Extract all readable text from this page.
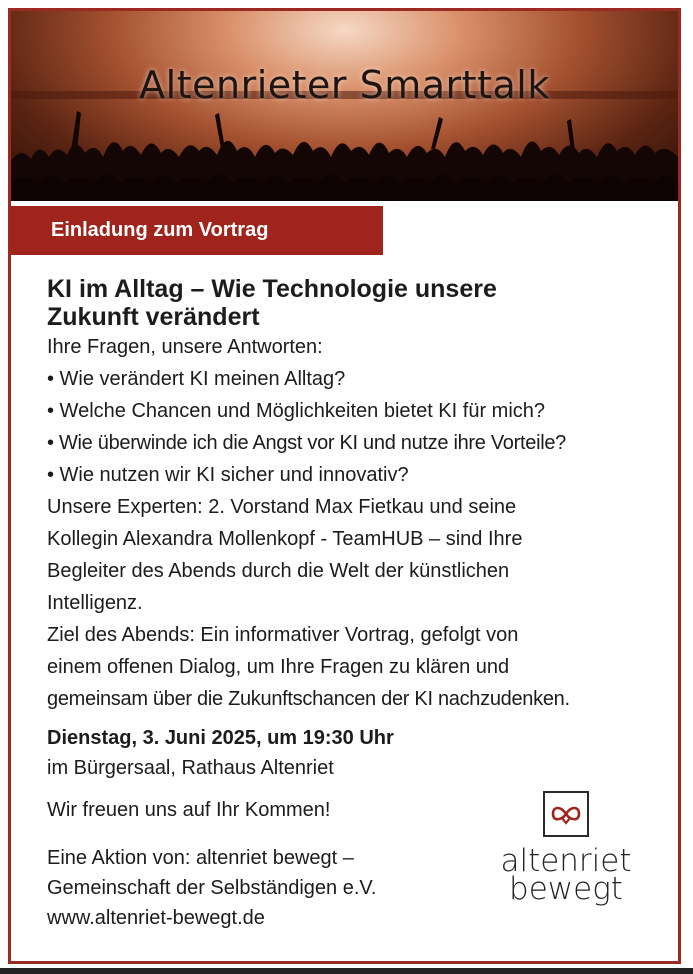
Altenrieter Smarttalk
Einladung zum Vortrag

KI im Alltag – Wie Technologie unsere
Zukunft verändert

Ihre Fragen, unsere Antworten:

• Wie verändert KI meinen Alltag?

• Welche Chancen und Möglichkeiten bietet KI für mich?

• Wie überwinde ich die Angst vor KI und nutze ihre Vorteile?

• Wie nutzen wir KI sicher und innovativ?

Unsere Experten: 2. Vorstand Max Fietkau und seine

Kollegin Alexandra Mollenkopf - TeamHUB – sind Ihre

Begleiter des Abends durch die Welt der künstlichen

Intelligenz.

Ziel des Abends: Ein informativer Vortrag, gefolgt von

einem offenen Dialog, um Ihre Fragen zu klären und

gemeinsam über die Zukunftschancen der KI nachzudenken.

Dienstag, 3. Juni 2025, um 19:30 Uhr
im Bürgersaal, Rathaus Altenriet
Wir freuen uns auf Ihr Kommen!
Eine Aktion von: altenriet bewegt –
Gemeinschaft der Selbständigen e.V.
www.altenriet-bewegt.de
altenriet
bewegt
